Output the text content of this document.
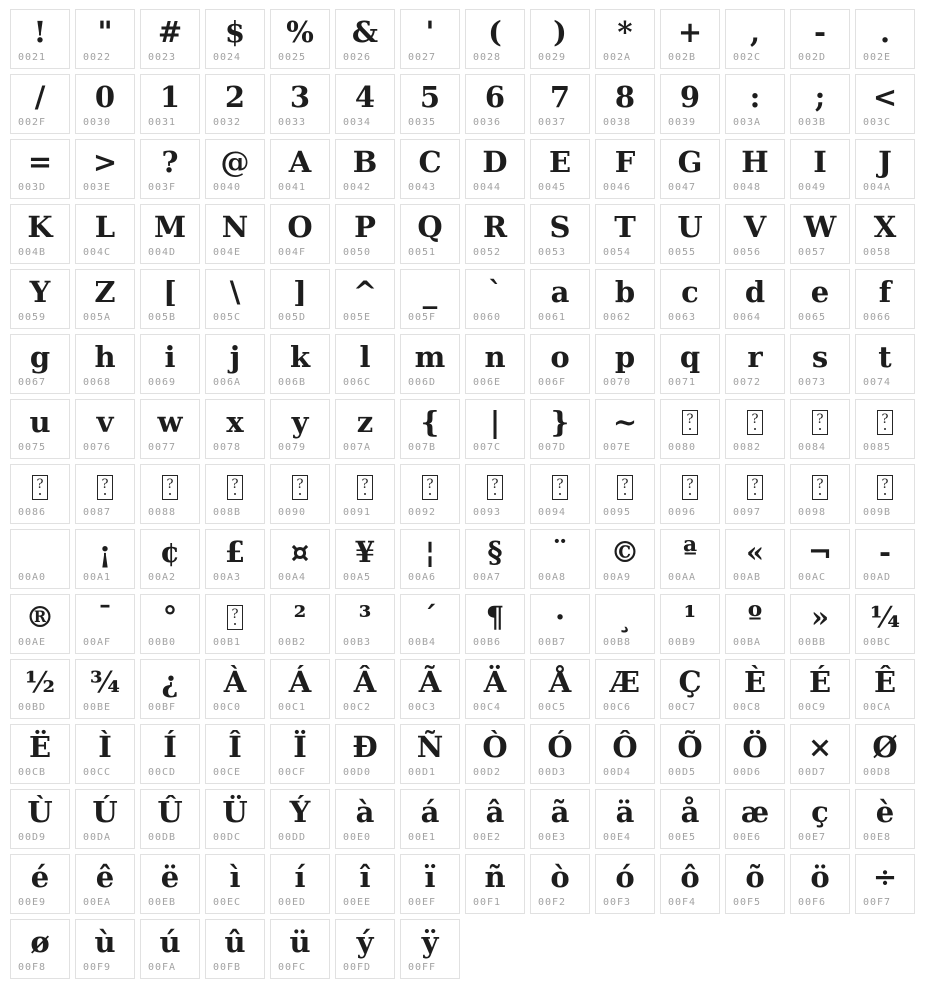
!
0021
"
0022
#
0023
$
0024
%
0025
&
0026
'
0027
(
0028
)
0029
*
002A
+
002B
,
002C
-
002D
.
002E
/
002F
0
0030
1
0031
2
0032
3
0033
4
0034
5
0035
6
0036
7
0037
8
0038
9
0039
:
003A
;
003B
<
003C
=
003D
>
003E
?
003F
@
0040
A
0041
B
0042
C
0043
D
0044
E
0045
F
0046
G
0047
H
0048
I
0049
J
004A
K
004B
L
004C
M
004D
N
004E
O
004F
P
0050
Q
0051
R
0052
S
0053
T
0054
U
0055
V
0056
W
0057
X
0058
Y
0059
Z
005A
[
005B
\
005C
]
005D
^
005E
_
005F
`
0060
a
0061
b
0062
c
0063
d
0064
e
0065
f
0066
g
0067
h
0068
i
0069
j
006A
k
006B
l
006C
m
006D
n
006E
o
006F
p
0070
q
0071
r
0072
s
0073
t
0074
u
0075
v
0076
w
0077
x
0078
y
0079
z
007A
{
007B
|
007C
}
007D
~
007E
?
0080
?
0082
?
0084
?
0085
?
0086
?
0087
?
0088
?
008B
?
0090
?
0091
?
0092
?
0093
?
0094
?
0095
?
0096
?
0097
?
0098
?
009B
00A0
¡
00A1
¢
00A2
£
00A3
¤
00A4
¥
00A5
¦
00A6
§
00A7
¨
00A8
©
00A9
ª
00AA
«
00AB
¬
00AC
-
00AD
®
00AE
¯
00AF
°
00B0
?
00B1
²
00B2
³
00B3
´
00B4
¶
00B6
·
00B7
¸
00B8
¹
00B9
º
00BA
»
00BB
¼
00BC
½
00BD
¾
00BE
¿
00BF
À
00C0
Á
00C1
Â
00C2
Ã
00C3
Ä
00C4
Å
00C5
Æ
00C6
Ç
00C7
È
00C8
É
00C9
Ê
00CA
Ë
00CB
Ì
00CC
Í
00CD
Î
00CE
Ï
00CF
Ð
00D0
Ñ
00D1
Ò
00D2
Ó
00D3
Ô
00D4
Õ
00D5
Ö
00D6
×
00D7
Ø
00D8
Ù
00D9
Ú
00DA
Û
00DB
Ü
00DC
Ý
00DD
à
00E0
á
00E1
â
00E2
ã
00E3
ä
00E4
å
00E5
æ
00E6
ç
00E7
è
00E8
é
00E9
ê
00EA
ë
00EB
ì
00EC
í
00ED
î
00EE
ï
00EF
ñ
00F1
ò
00F2
ó
00F3
ô
00F4
õ
00F5
ö
00F6
÷
00F7
ø
00F8
ù
00F9
ú
00FA
û
00FB
ü
00FC
ý
00FD
ÿ
00FF
